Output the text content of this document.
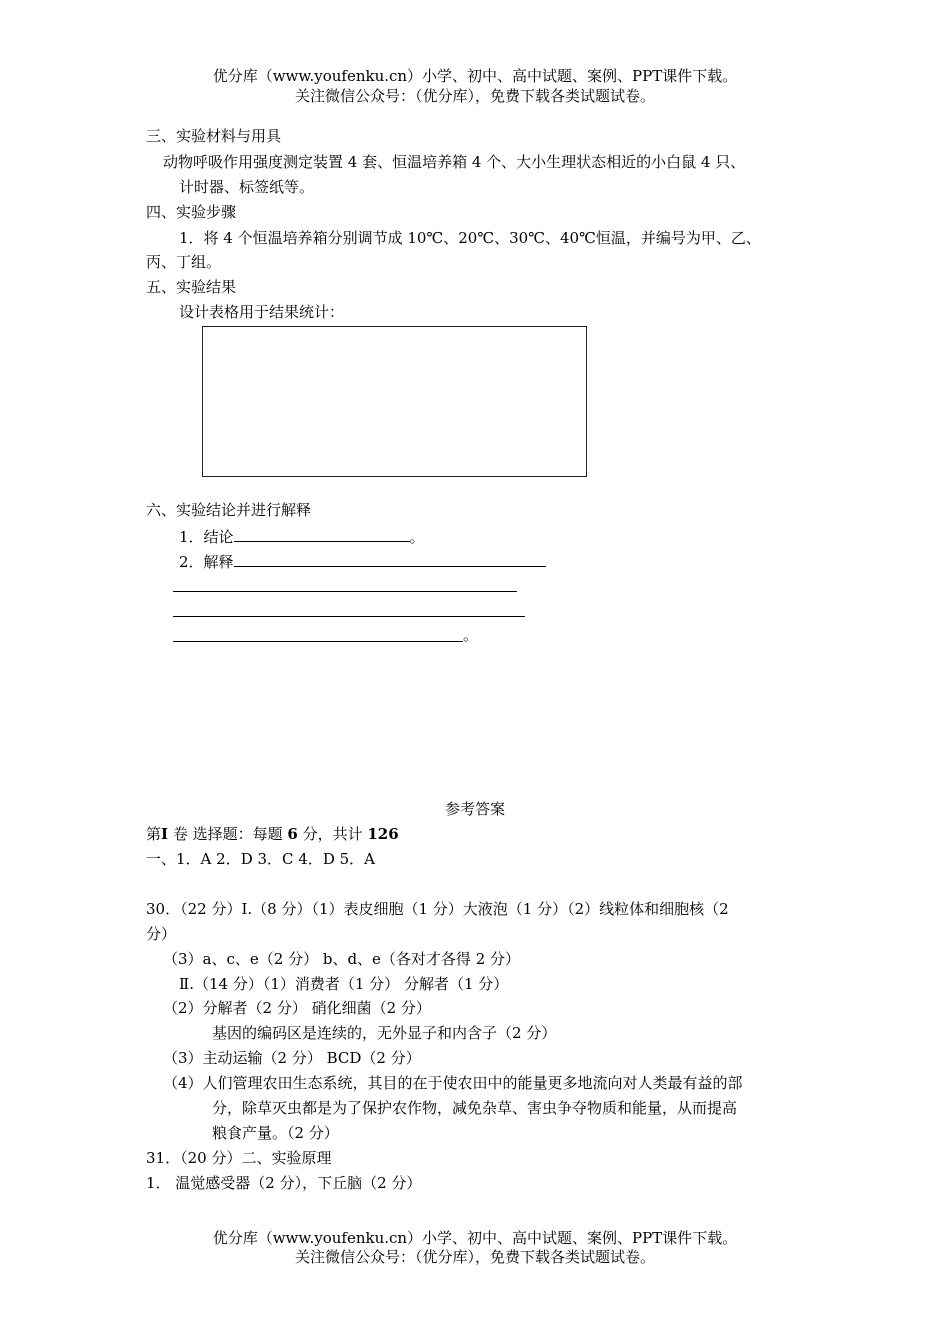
优分库（www.youfenku.cn）小学、初中、高中试题、案例、PPT课件下载。
关注微信公众号：（优分库），免费下载各类试题试卷。
三、实验材料与用具
动物呼吸作用强度测定装置 4 套、恒温培养箱 4 个、大小生理状态相近的小白鼠 4 只、
计时器、标签纸等。
四、实验步骤
1．将 4 个恒温培养箱分别调节成 10℃、20℃、30℃、40℃恒温，并编号为甲、乙、
丙、丁组。
五、实验结果
设计表格用于结果统计：
六、实验结论并进行解释
1．结论	。
2．解释
。
参考答案
第I 卷 选择题：每题 6 分，共计 126
一、1．A 2．D 3．C 4．D 5．A
30．（22 分）Ⅰ.（8 分）（1）表皮细胞（1 分）大液泡（1 分）（2）线粒体和细胞核（2
分）
（3）a、c、e（2 分） b、d、e（各对才各得 2 分）
Ⅱ.（14 分）（1）消费者（1 分） 分解者（1 分）
（2）分解者（2 分） 硝化细菌（2 分）
基因的编码区是连续的，无外显子和内含子（2 分）
（3）主动运输（2 分） BCD（2 分）
（4）人们管理农田生态系统，其目的在于使农田中的能量更多地流向对人类最有益的部
分，除草灭虫都是为了保护农作物，减免杂草、害虫争夺物质和能量，从而提高
粮食产量。（2 分）
31．（20 分）二、实验原理
1． 温觉感受器（2 分），下丘脑（2 分）
优分库（www.youfenku.cn）小学、初中、高中试题、案例、PPT课件下载。
关注微信公众号：（优分库），免费下载各类试题试卷。
